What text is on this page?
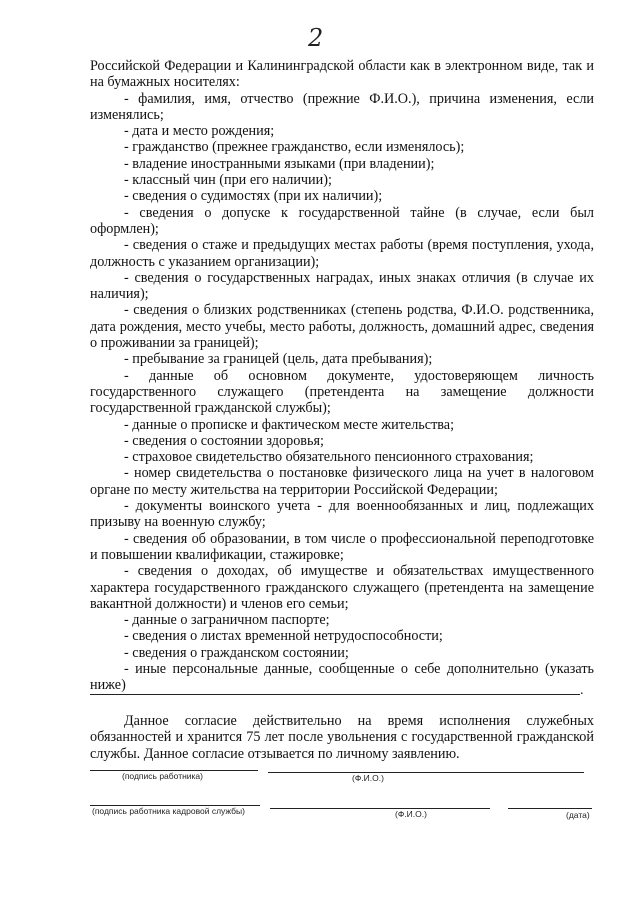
2

Российской Федерации и Калининградской области как в электронном виде, так и на бумажных носителях:

- фамилия, имя, отчество (прежние Ф.И.О.), причина изменения, если изменялись;

- дата и место рождения;

- гражданство (прежнее гражданство, если изменялось);

- владение иностранными языками (при владении);

- классный чин (при его наличии);

- сведения о судимостях (при их наличии);

- сведения о допуске к государственной тайне (в случае, если был оформлен);

- сведения о стаже и предыдущих местах работы (время поступления, ухода, должность с указанием организации);

- сведения о государственных наградах, иных знаках отличия (в случае их наличия);

- сведения о близких родственниках (степень родства, Ф.И.О. родственника, дата рождения, место учебы, место работы, должность, домашний адрес, сведения о проживании за границей);

- пребывание за границей (цель, дата пребывания);

- данные об основном документе, удостоверяющем личность государственного служащего (претендента на замещение должности государственной гражданской службы);

- данные о прописке и фактическом месте жительства;

- сведения о состоянии здоровья;

- страховое свидетельство обязательного пенсионного страхования;

- номер свидетельства о постановке физического лица на учет в налоговом органе по месту жительства на территории Российской Федерации;

- документы воинского учета - для военнообязанных и лиц, подлежащих призыву на военную службу;

- сведения об образовании, в том числе о профессиональной переподготовке и повышении квалификации, стажировке;

- сведения о доходах, об имуществе и обязательствах имущественного характера государственного гражданского служащего (претендента на замещение вакантной должности) и членов его семьи;

- данные о заграничном паспорте;

- сведения о листах временной нетрудоспособности;

- сведения о гражданском состоянии;

- иные персональные данные, сообщенные о себе дополнительно (указать ниже)	.

Данное согласие действительно на время исполнения служебных обязанностей и хранится 75 лет после увольнения с государственной гражданской службы. Данное согласие отзывается по личному заявлению.

(подпись работника)	(Ф.И.О.)
(подпись работника кадровой службы)	(Ф.И.О.)	(дата)
